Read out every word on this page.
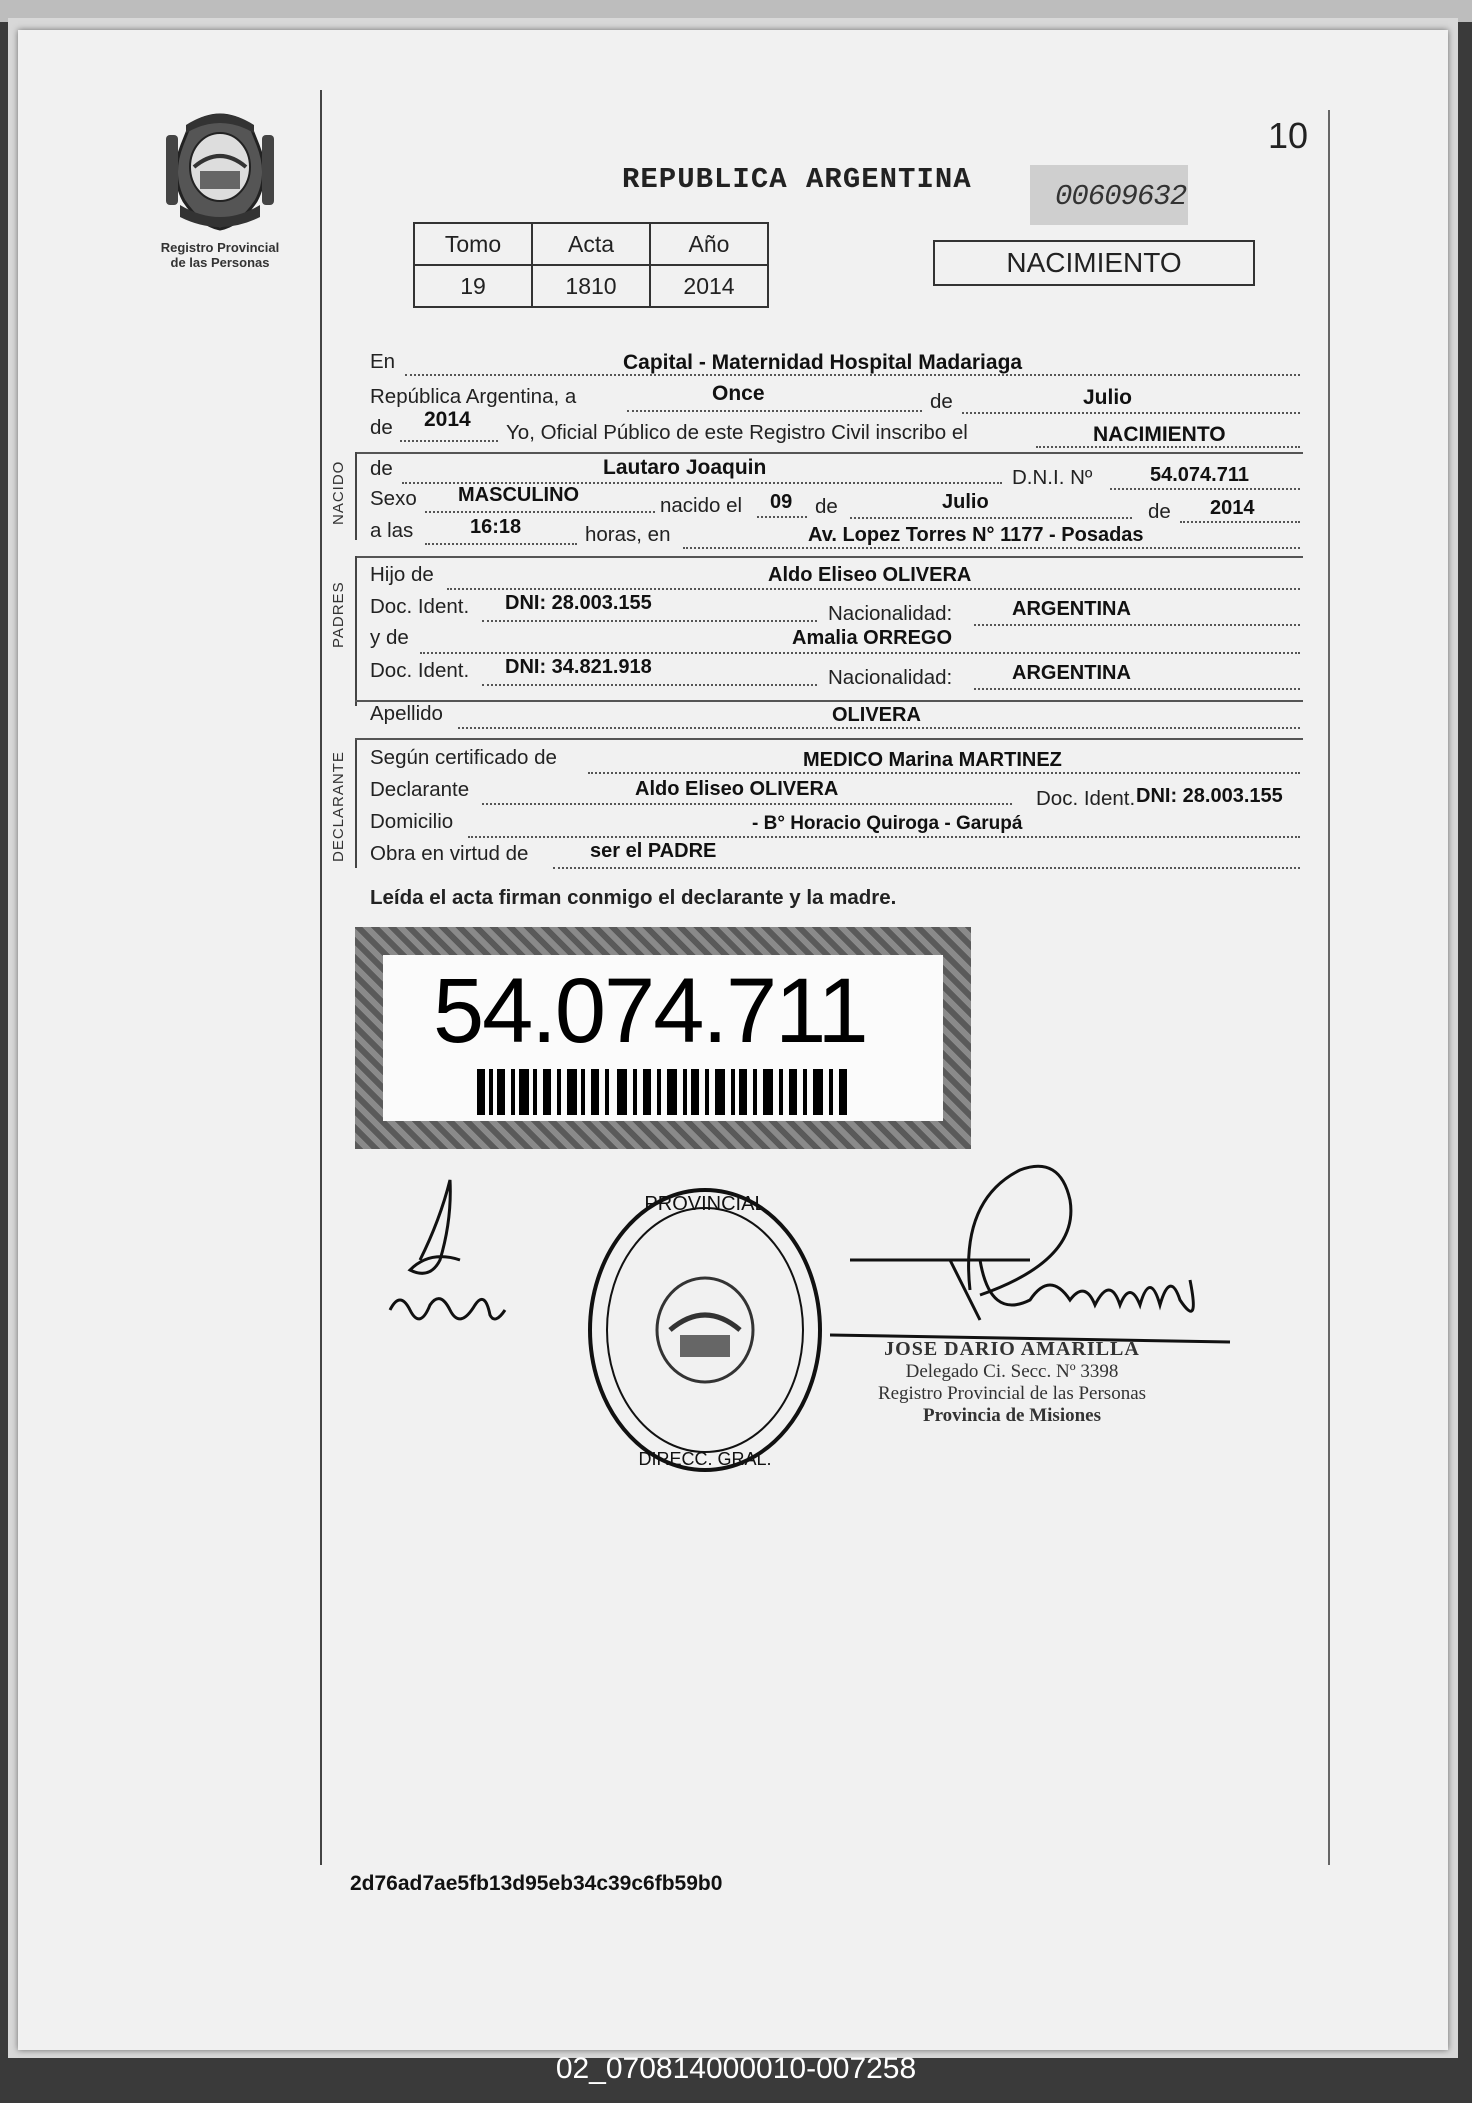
Registro Provincial
de las Personas
10
REPUBLICA ARGENTINA
00609632
Tomo	Acta	Año
19	1810	2014
NACIMIENTO
En	Capital - Maternidad Hospital Madariaga
República Argentina, a	Once	de	Julio
de 2014
Yo, Oficial Público de este Registro Civil inscribo el	NACIMIENTO
NACIDO de	Lautaro Joaquin	D.N.I. Nº	54.074.711
Sexo MASCULINO	nacido el 09 de	Julio	de 2014
a las	16:18	horas, en	Av. Lopez Torres N° 1177 - Posadas
PADRES
Hijo de	Aldo Eliseo OLIVERA
Doc. Ident. DNI: 28.003.155	Nacionalidad:	ARGENTINA
y de	Amalia ORREGO
Doc. Ident. DNI: 34.821.918	Nacionalidad:	ARGENTINA
Apellido	OLIVERA
DECLARANTE Según certificado de	MEDICO Marina MARTINEZ
Declarante	Aldo Eliseo OLIVERA	Doc. Ident. DNI: 28.003.155
Domicilio	- B° Horacio Quiroga - Garupá
Obra en virtud de	ser el PADRE
Leída el acta firman conmigo el declarante y la madre.
54.074.711
PROVINCIAL
DIRECC. GRAL.
JOSE DARIO AMARILLA
Delegado Ci. Secc. Nº 3398
Registro Provincial de las Personas
Provincia de Misiones
2d76ad7ae5fb13d95eb34c39c6fb59b0
02_070814000010-007258
